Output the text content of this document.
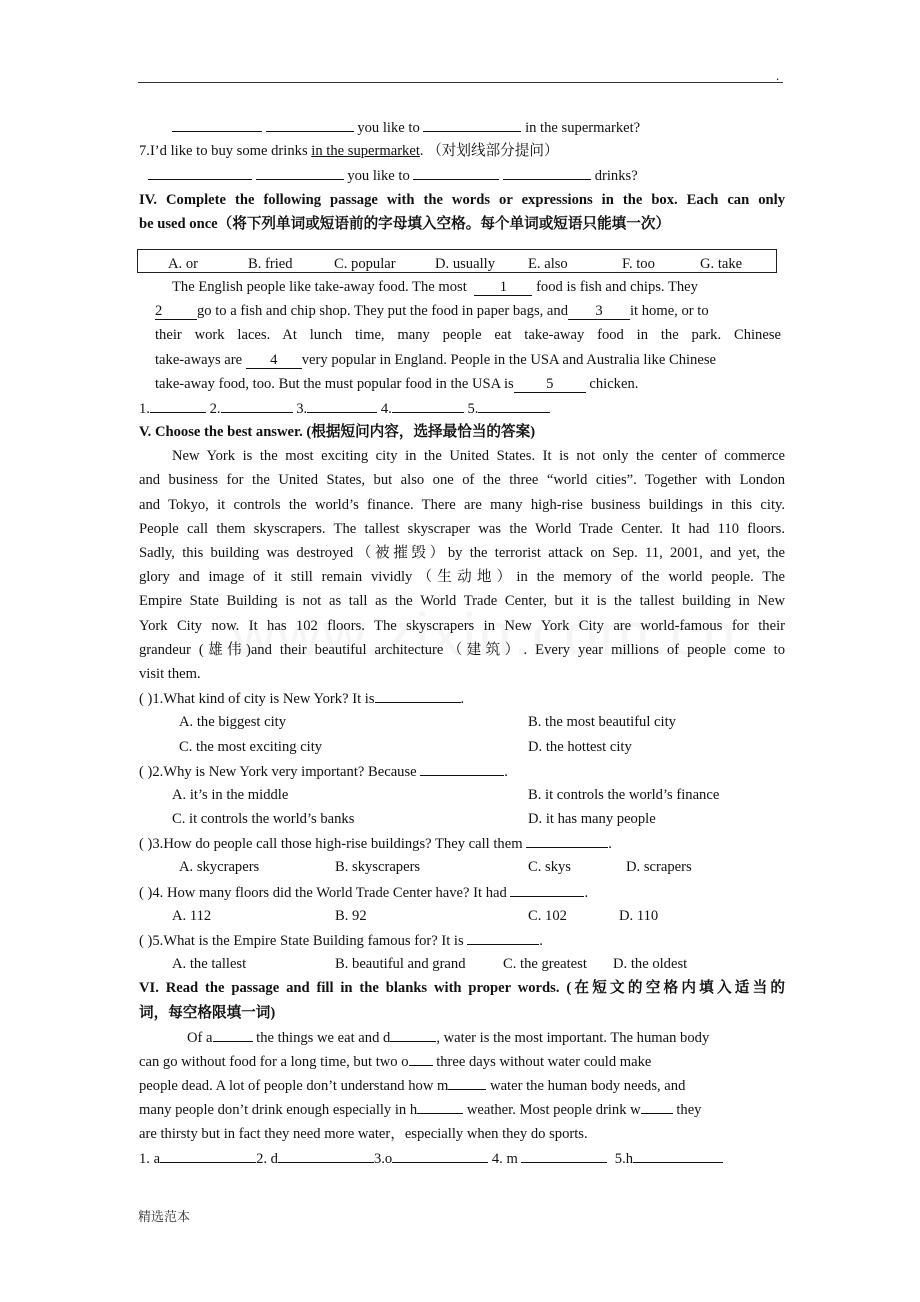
.
you like to	in the supermarket?
7.I’d like to buy some drinks in the supermarket. （对划线部分提问）
you like to	drinks?
IV. Complete the following passage with the words or expressions in the box. Each can only
be used once（将下列单词或短语前的字母填入空格。每个单词或短语只能填一次）
A. or	B. fried	C. popular	D. usually E. also	F. too	G. take
The English people like take-away food. The most 1 food is fish and chips. They
2 go to a fish and chip shop. They put the food in paper bags, and 3 it home, or to
their work laces. At lunch time, many people eat take-away food in the park. Chinese
take-aways are 4 very popular in England. People in the USA and Australia like Chinese
take-away food, too. But the must popular food in the USA is 5 chicken.
1.	2.	3.	4.	5.
V. Choose the best answer. (根据短问内容，选择最恰当的答案)
New York is the most exciting city in the United States. It is not only the center of commerce
and business for the United States, but also one of the three “world cities”. Together with London
and Tokyo, it controls the world’s finance. There are many high-rise business buildings in this city.
People call them skyscrapers. The tallest skyscraper was the World Trade Center. It had 110 floors.
Sadly, this building was destroyed（被摧毁）by the terrorist attack on Sep. 11, 2001, and yet, the
glory and image of it still remain vividly（生动地）in the memory of the world people. The
Empire State Building is not as tall as the World Trade Center, but it is the tallest building in New
York City now. It has 102 floors. The skyscrapers in New York City are world-famous for their
grandeur (雄伟)and their beautiful architecture（建筑）. Every year millions of people come to
visit them.
( )1.What kind of city is New York? It is	.
A. the biggest city	B. the most beautiful city
C. the most exciting city	D. the hottest city
( )2.Why is New York very important? Because	.
A. it’s in the middle	B. it controls the world’s finance
C. it controls the world’s banks	D. it has many people
( )3.How do people call those high-rise buildings? They call them	.
A. skycrapers	B. skyscrapers	C. skys	D. scrapers
( )4. How many floors did the World Trade Center have? It had	.
A. 112	B. 92	C. 102	D. 110
( )5.What is the Empire State Building famous for? It is	.
A. the tallest	B. beautiful and grand	C. the greatest D. the oldest
VI. Read the passage and fill in the blanks with proper words. (在短文的空格内填入适当的
词，每空格限填一词)
Of a	the things we eat and d	, water is the most important. The human body
can go without food for a long time, but two o three days without water could make
people dead. A lot of people don’t understand how m	water the human body needs, and
many people don’t drink enough especially in h	weather. Most people drink w they
are thirsty but in fact they need more water，especially when they do sports.
1. a	2. d	3.o	4. m	5.h
精选范本
